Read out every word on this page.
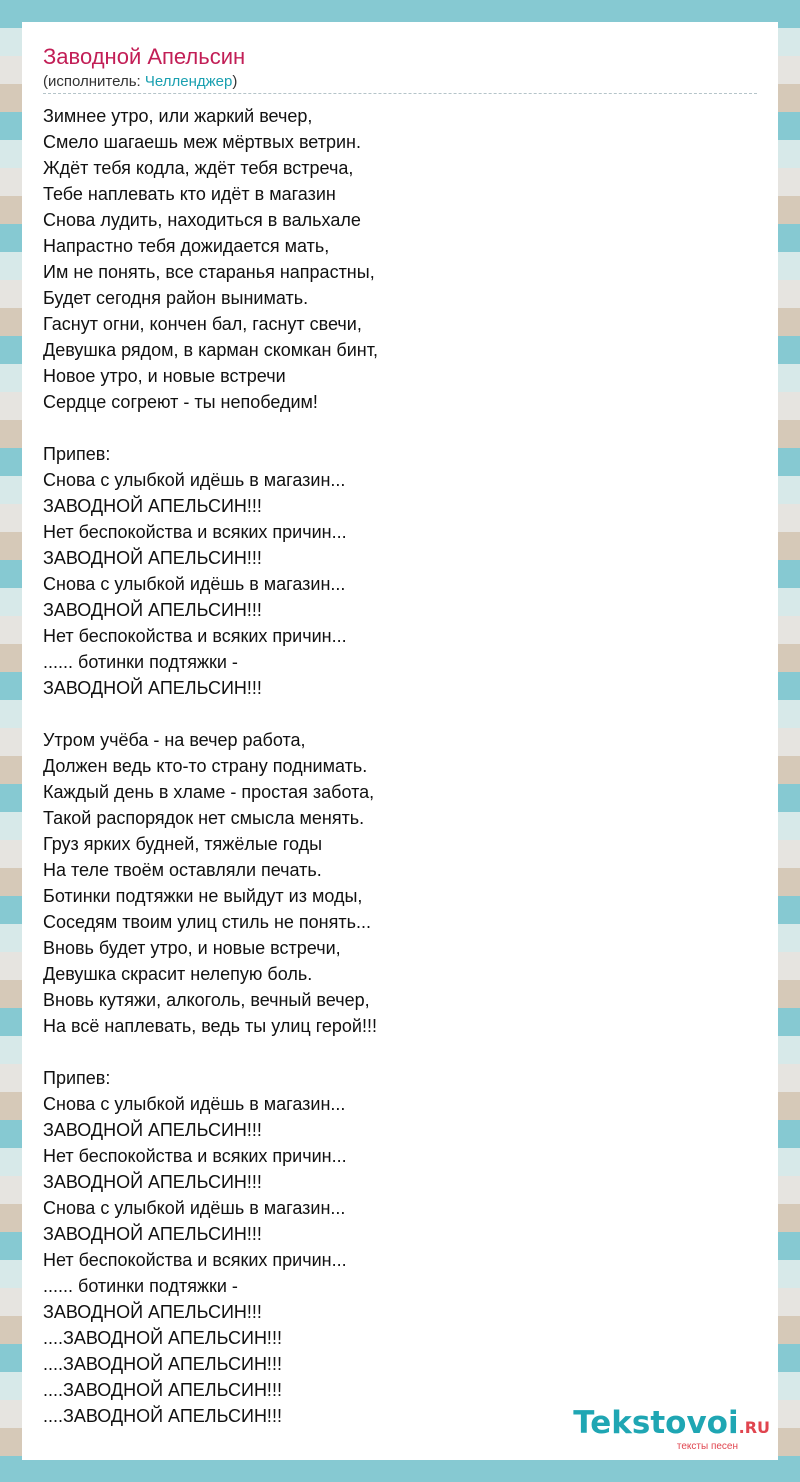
Заводной Апельсин
(исполнитель: Челленджер)
Зимнее утро, или жаркий вечер,
Смело шагаешь меж мёртвых ветрин.
Ждёт тебя кодла, ждёт тебя встреча,
Тебе наплевать кто идёт в магазин
Снова лудить, находиться в вальхале
Напрастно тебя дожидается мать,
Им не понять, все старанья напрастны,
Будет сегодня район вынимать.
Гаснут огни, кончен бал, гаснут свечи,
Девушка рядом, в карман скомкан бинт,
Новое утро, и новые встречи
Сердце согреют - ты непобедим!
Припев:
Снова с улыбкой идёшь в магазин...
ЗАВОДНОЙ АПЕЛЬСИН!!!
Нет беспокойства и всяких причин...
ЗАВОДНОЙ АПЕЛЬСИН!!!
Снова с улыбкой идёшь в магазин...
ЗАВОДНОЙ АПЕЛЬСИН!!!
Нет беспокойства и всяких причин...
...... ботинки подтяжки -
ЗАВОДНОЙ АПЕЛЬСИН!!!
Утром учёба - на вечер работа,
Должен ведь кто-то страну поднимать.
Каждый день в хламе - простая забота,
Такой распорядок нет смысла менять.
Груз ярких будней, тяжёлые годы
На теле твоём оставляли печать.
Ботинки подтяжки не выйдут из моды,
Соседям твоим улиц стиль не понять...
Вновь будет утро, и новые встречи,
Девушка скрасит нелепую боль.
Вновь кутяжи, алкоголь, вечный вечер,
На всё наплевать, ведь ты улиц герой!!!
Припев:
Снова с улыбкой идёшь в магазин...
ЗАВОДНОЙ АПЕЛЬСИН!!!
Нет беспокойства и всяких причин...
ЗАВОДНОЙ АПЕЛЬСИН!!!
Снова с улыбкой идёшь в магазин...
ЗАВОДНОЙ АПЕЛЬСИН!!!
Нет беспокойства и всяких причин...
...... ботинки подтяжки -
ЗАВОДНОЙ АПЕЛЬСИН!!!
....ЗАВОДНОЙ АПЕЛЬСИН!!!
....ЗАВОДНОЙ АПЕЛЬСИН!!!
....ЗАВОДНОЙ АПЕЛЬСИН!!!
....ЗАВОДНОЙ АПЕЛЬСИН!!!	Tekstovoi.RU
тексты песен
